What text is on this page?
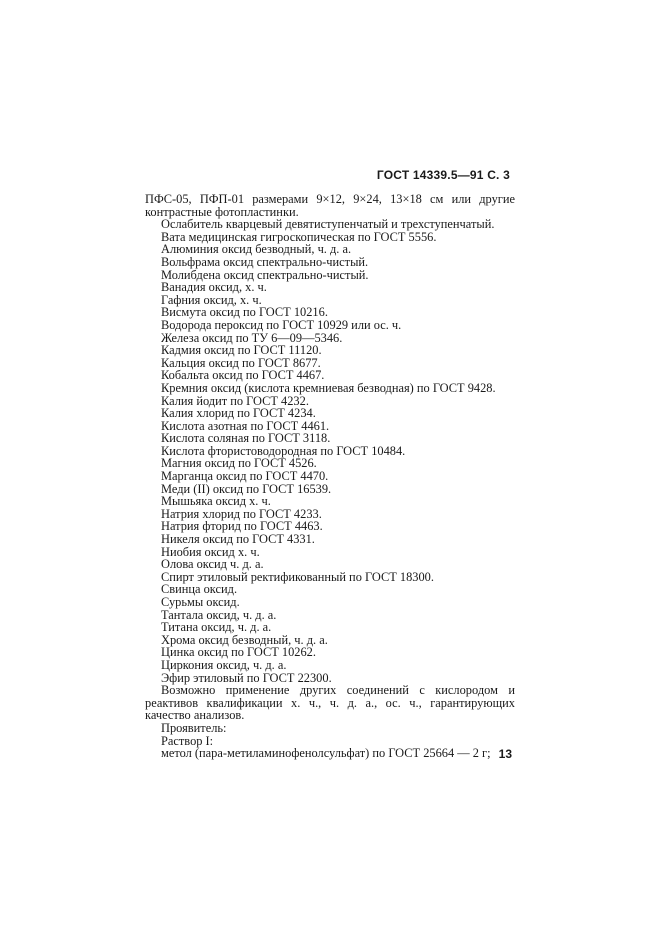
ГОСТ 14339.5—91 С. 3

ПФС-05, ПФП-01 размерами 9×12, 9×24, 13×18 см или другие контрастные фотопластинки.

Ослабитель кварцевый девятиступенчатый и трехступенчатый.
Вата медицинская гигроскопическая по ГОСТ 5556.
Алюминия оксид безводный, ч. д. а.
Вольфрама оксид спектрально-чистый.
Молибдена оксид спектрально-чистый.
Ванадия оксид, х. ч.
Гафния оксид, х. ч.
Висмута оксид по ГОСТ 10216.
Водорода пероксид по ГОСТ 10929 или ос. ч.
Железа оксид по ТУ 6—09—5346.
Кадмия оксид по ГОСТ 11120.
Кальция оксид по ГОСТ 8677.
Кобальта оксид по ГОСТ 4467.

Кремния оксид (кислота кремниевая безводная) по ГОСТ 9428.

Калия йодит по ГОСТ 4232.
Калия хлорид по ГОСТ 4234.
Кислота азотная по ГОСТ 4461.
Кислота соляная по ГОСТ 3118.
Кислота фтористоводородная по ГОСТ 10484.
Магния оксид по ГОСТ 4526.
Марганца оксид по ГОСТ 4470.
Меди (II) оксид по ГОСТ 16539.
Мышьяка оксид х. ч.
Натрия хлорид по ГОСТ 4233.
Натрия фторид по ГОСТ 4463.
Никеля оксид по ГОСТ 4331.
Ниобия оксид х. ч.
Олова оксид ч. д. а.
Спирт этиловый ректификованный по ГОСТ 18300.
Свинца оксид.
Сурьмы оксид.
Тантала оксид, ч. д. а.
Титана оксид, ч. д. а.
Хрома оксид безводный, ч. д. а.
Цинка оксид по ГОСТ 10262.
Циркония оксид, ч. д. а.
Эфир этиловый по ГОСТ 22300.

Возможно применение других соединений с кислородом и реактивов квалификации х. ч., ч. д. а., ос. ч., гарантирующих качество анализов.

Проявитель:
Раствор I:
метол (пара-метиламинофенолсульфат) по ГОСТ 25664 — 2 г; 13
